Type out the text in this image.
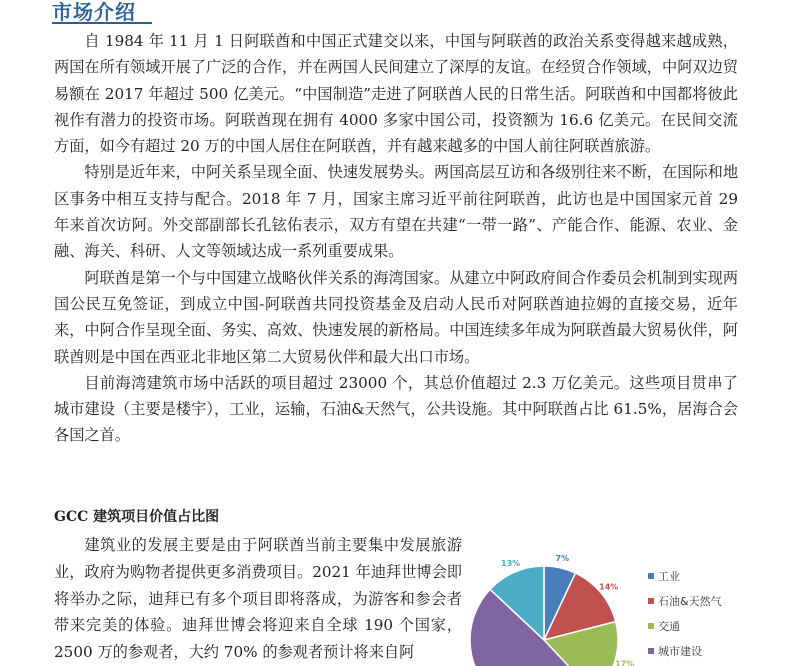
市场介绍

自 1984 年 11 月 1 日阿联酋和中国正式建交以来，中国与阿联酋的政治关系变得越来越成熟，两国在所有领域开展了广泛的合作，并在两国人民间建立了深厚的友谊。在经贸合作领域，中阿双边贸易额在 2017 年超过 500 亿美元。“中国制造”走进了阿联酋人民的日常生活。阿联酋和中国都将彼此视作有潜力的投资市场。阿联酋现在拥有 4000 多家中国公司，投资额为 16.6 亿美元。在民间交流方面，如今有超过 20 万的中国人居住在阿联酋，并有越来越多的中国人前往阿联酋旅游。

特别是近年来，中阿关系呈现全面、快速发展势头。两国高层互访和各级别往来不断，在国际和地区事务中相互支持与配合。2018 年 7 月，国家主席习近平前往阿联酋，此访也是中国国家元首 29 年来首次访阿。外交部副部长孔铉佑表示，双方有望在共建“一带一路”、产能合作、能源、农业、金融、海关、科研、人文等领域达成一系列重要成果。

阿联酋是第一个与中国建立战略伙伴关系的海湾国家。从建立中阿政府间合作委员会机制到实现两国公民互免签证，到成立中国-阿联酋共同投资基金及启动人民币对阿联酋迪拉姆的直接交易，近年来，中阿合作呈现全面、务实、高效、快速发展的新格局。中国连续多年成为阿联酋最大贸易伙伴，阿联酋则是中国在西亚北非地区第二大贸易伙伴和最大出口市场。

目前海湾建筑市场中活跃的项目超过 23000 个，其总价值超过 2.3 万亿美元。这些项目贯串了城市建设（主要是楼宇），工业，运输，石油&天然气，公共设施。其中阿联酋占比 61.5%，居海合会各国之首。

GCC 建筑项目价值占比图

建筑业的发展主要是由于阿联酋当前主要集中发展旅游业，政府为购物者提供更多消费项目。2021 年迪拜世博会即将举办之际，迪拜已有多个项目即将落成，为游客和参会者带来完美的体验。迪拜世博会将迎来自全球 190 个国家，2500 万的参观者，大约 70% 的参观者预计将来自阿

7%
14%
17%
13%
工业
石油&天然气
交通
城市建设
